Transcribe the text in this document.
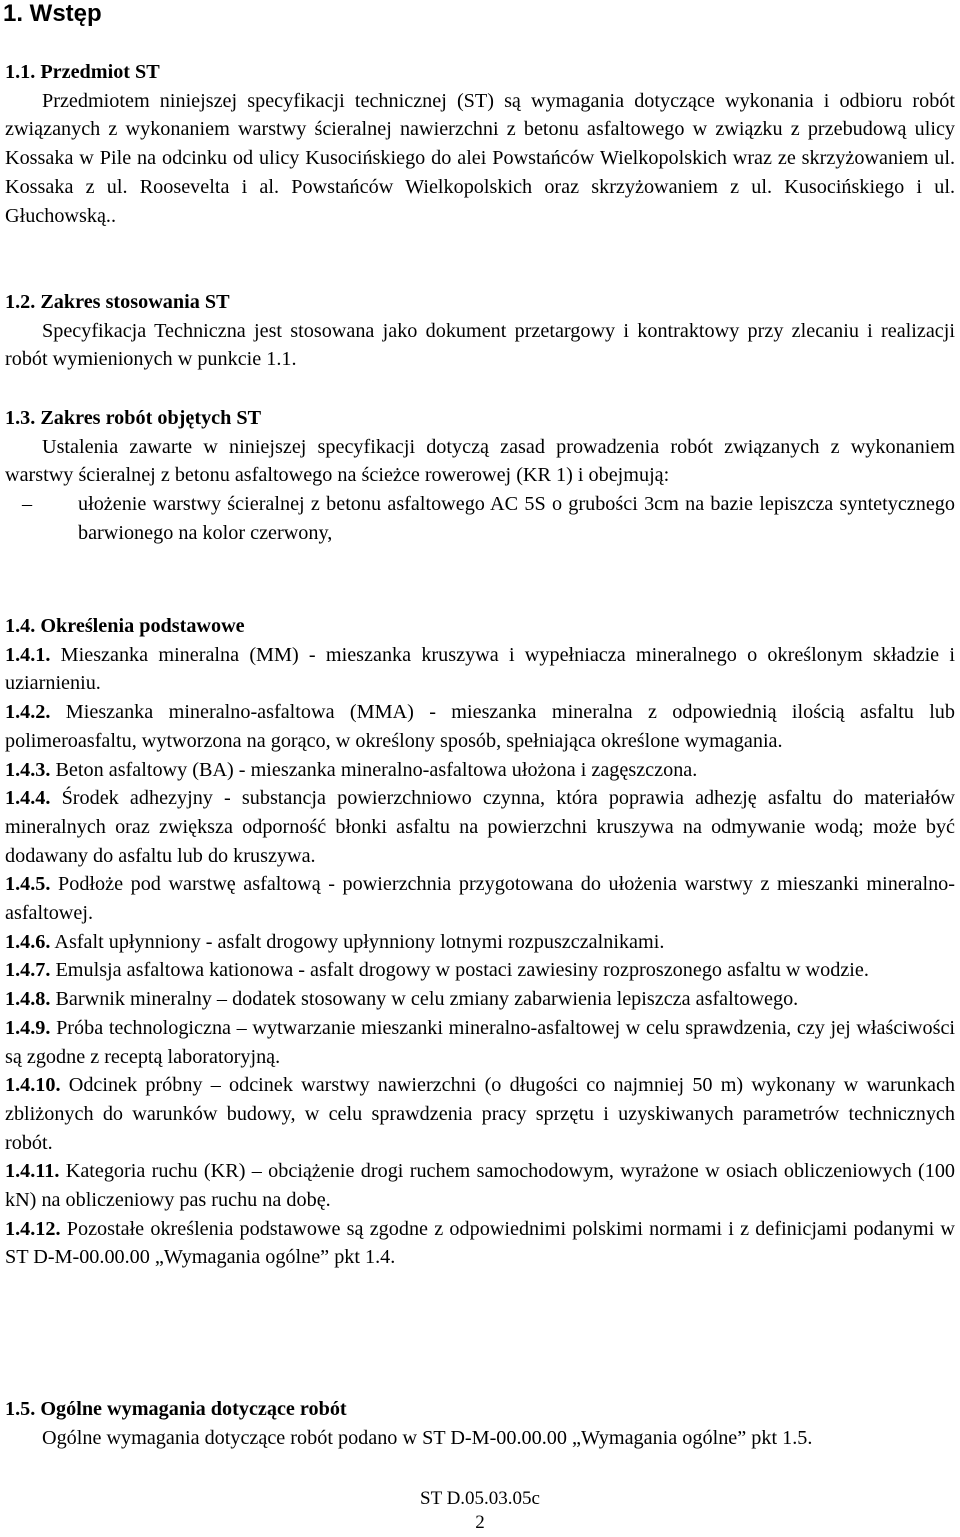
1. Wstęp

1.1. Przedmiot ST

Przedmiotem niniejszej specyfikacji technicznej (ST) są wymagania dotyczące wykonania i odbioru robót związanych z wykonaniem warstwy ścieralnej nawierzchni z betonu asfaltowego w związku z przebudową ulicy Kossaka w Pile na odcinku od ulicy Kusocińskiego do alei Powstańców Wielkopolskich wraz ze skrzyżowaniem ul. Kossaka z ul. Roosevelta i al. Powstańców Wielkopolskich oraz skrzyżowaniem z ul. Kusocińskiego i ul. Głuchowską..

1.2. Zakres stosowania ST

Specyfikacja Techniczna jest stosowana jako dokument przetargowy i kontraktowy przy zlecaniu i realizacji robót wymienionych w punkcie 1.1.

1.3. Zakres robót objętych ST

Ustalenia zawarte w niniejszej specyfikacji dotyczą zasad prowadzenia robót związanych z wykonaniem warstwy ścieralnej z betonu asfaltowego na ścieżce rowerowej (KR 1) i obejmują:

– ułożenie warstwy ścieralnej z betonu asfaltowego AC 5S o grubości 3cm na bazie lepiszcza syntetycznego barwionego na kolor czerwony,

1.4. Określenia podstawowe

1.4.1. Mieszanka mineralna (MM) - mieszanka kruszywa i wypełniacza mineralnego o określonym składzie i uziarnieniu.

1.4.2. Mieszanka mineralno-asfaltowa (MMA) - mieszanka mineralna z odpowiednią ilością asfaltu lub polimeroasfaltu, wytworzona na gorąco, w określony sposób, spełniająca określone wymagania.

1.4.3. Beton asfaltowy (BA) - mieszanka mineralno-asfaltowa ułożona i zagęszczona.

1.4.4. Środek adhezyjny - substancja powierzchniowo czynna, która poprawia adhezję asfaltu do materiałów mineralnych oraz zwiększa odporność błonki asfaltu na powierzchni kruszywa na odmywanie wodą; może być dodawany do asfaltu lub do kruszywa.

1.4.5. Podłoże pod warstwę asfaltową - powierzchnia przygotowana do ułożenia warstwy z mieszanki mineralno-asfaltowej.

1.4.6. Asfalt upłynniony - asfalt drogowy upłynniony lotnymi rozpuszczalnikami.

1.4.7. Emulsja asfaltowa kationowa - asfalt drogowy w postaci zawiesiny rozproszonego asfaltu w wodzie.

1.4.8. Barwnik mineralny – dodatek stosowany w celu zmiany zabarwienia lepiszcza asfaltowego.

1.4.9. Próba technologiczna – wytwarzanie mieszanki mineralno-asfaltowej w celu sprawdzenia, czy jej właściwości są zgodne z receptą laboratoryjną.

1.4.10. Odcinek próbny – odcinek warstwy nawierzchni (o długości co najmniej 50 m) wykonany w warunkach zbliżonych do warunków budowy, w celu sprawdzenia pracy sprzętu i uzyskiwanych parametrów technicznych robót.

1.4.11. Kategoria ruchu (KR) – obciążenie drogi ruchem samochodowym, wyrażone w osiach obliczeniowych (100 kN) na obliczeniowy pas ruchu na dobę.

1.4.12. Pozostałe określenia podstawowe są zgodne z odpowiednimi polskimi normami i z definicjami podanymi w ST D-M-00.00.00 „Wymagania ogólne” pkt 1.4.

1.5. Ogólne wymagania dotyczące robót

Ogólne wymagania dotyczące robót podano w ST D-M-00.00.00 „Wymagania ogólne” pkt 1.5.

ST D.05.03.05c
2
